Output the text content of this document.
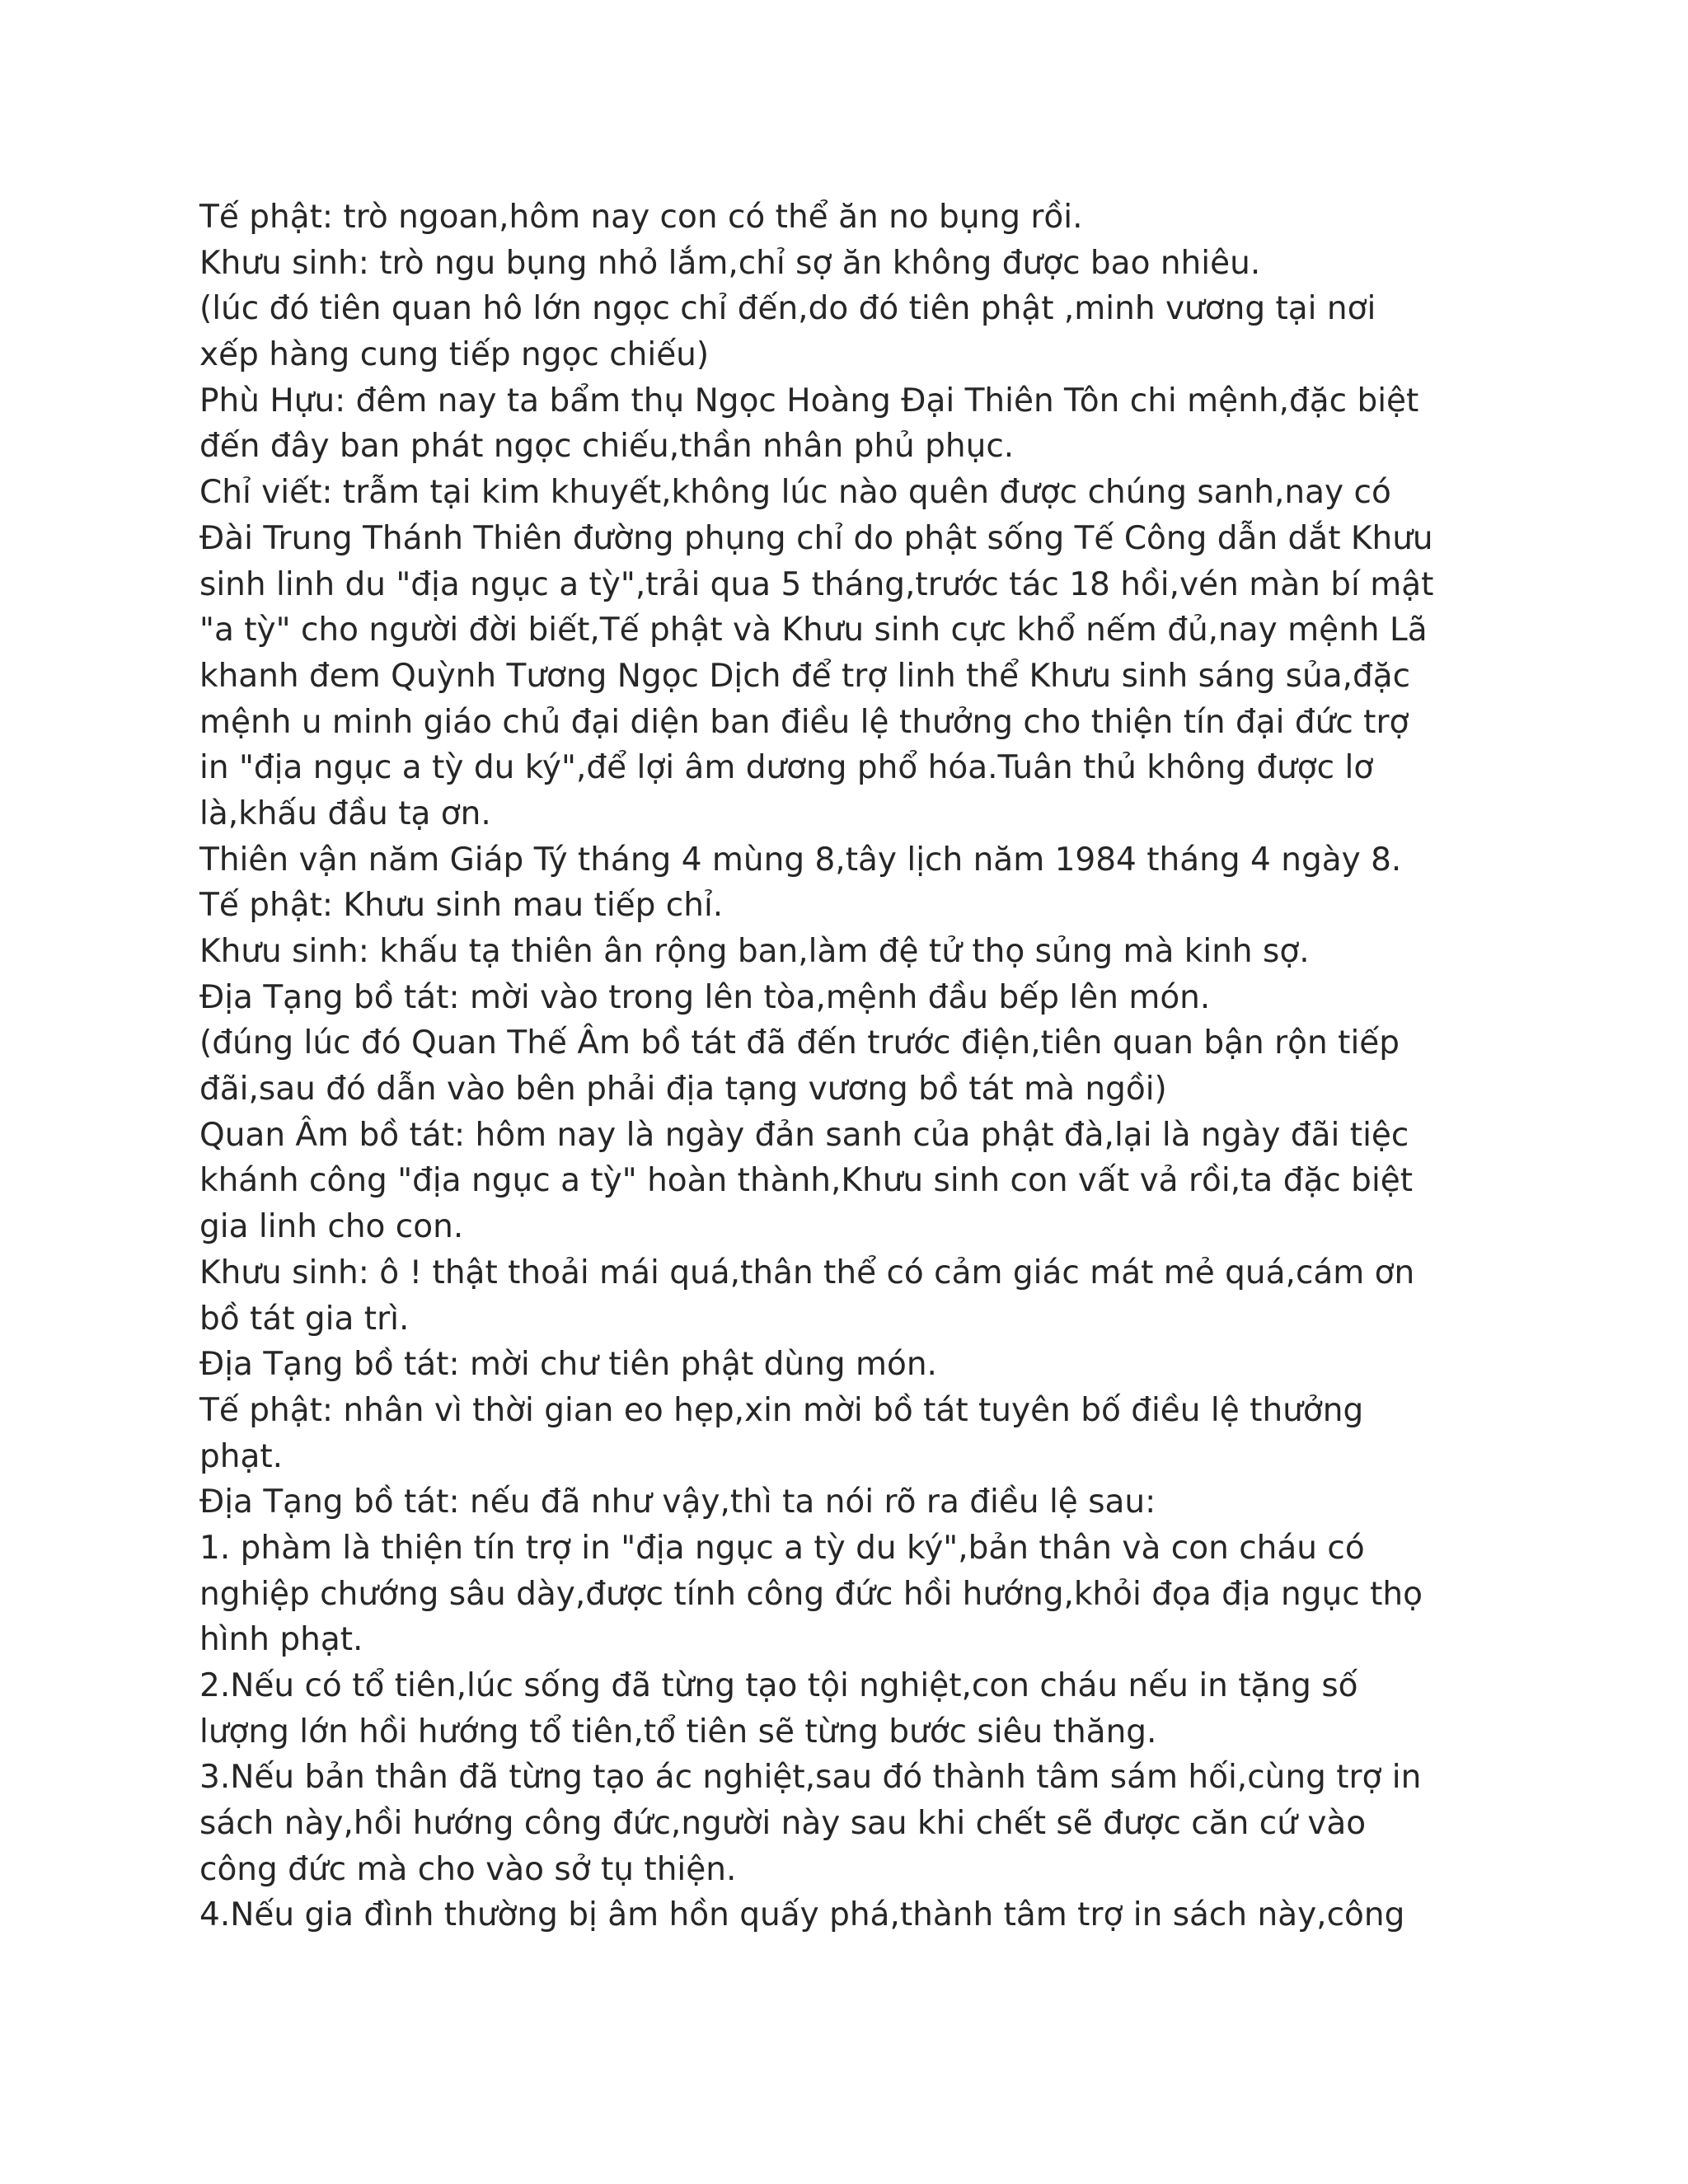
Tế phật: trò ngoan,hôm nay con có thể ăn no bụng rồi.
Khưu sinh: trò ngu bụng nhỏ lắm,chỉ sợ ăn không được bao nhiêu.
(lúc đó tiên quan hô lớn ngọc chỉ đến,do đó tiên phật ,minh vương tại nơi
xếp hàng cung tiếp ngọc chiếu)
Phù Hựu: đêm nay ta bẩm thụ Ngọc Hoàng Đại Thiên Tôn chi mệnh,đặc biệt
đến đây ban phát ngọc chiếu,thần nhân phủ phục.
Chỉ viết: trẫm tại kim khuyết,không lúc nào quên được chúng sanh,nay có
Đài Trung Thánh Thiên đường phụng chỉ do phật sống Tế Công dẫn dắt Khưu
sinh linh du "địa ngục a tỳ",trải qua 5 tháng,trước tác 18 hồi,vén màn bí mật
"a tỳ" cho người đời biết,Tế phật và Khưu sinh cực khổ nếm đủ,nay mệnh Lã
khanh đem Quỳnh Tương Ngọc Dịch để trợ linh thể Khưu sinh sáng sủa,đặc
mệnh u minh giáo chủ đại diện ban điều lệ thưởng cho thiện tín đại đức trợ
in "địa ngục a tỳ du ký",để lợi âm dương phổ hóa.Tuân thủ không được lơ
là,khấu đầu tạ ơn.
Thiên vận năm Giáp Tý tháng 4 mùng 8,tây lịch năm 1984 tháng 4 ngày 8.
Tế phật: Khưu sinh mau tiếp chỉ.
Khưu sinh: khấu tạ thiên ân rộng ban,làm đệ tử thọ sủng mà kinh sợ.
Địa Tạng bồ tát: mời vào trong lên tòa,mệnh đầu bếp lên món.
(đúng lúc đó Quan Thế Âm bồ tát đã đến trước điện,tiên quan bận rộn tiếp
đãi,sau đó dẫn vào bên phải địa tạng vương bồ tát mà ngồi)
Quan Âm bồ tát: hôm nay là ngày đản sanh của phật đà,lại là ngày đãi tiệc
khánh công "địa ngục a tỳ" hoàn thành,Khưu sinh con vất vả rồi,ta đặc biệt
gia linh cho con.
Khưu sinh: ô ! thật thoải mái quá,thân thể có cảm giác mát mẻ quá,cám ơn
bồ tát gia trì.
Địa Tạng bồ tát: mời chư tiên phật dùng món.
Tế phật: nhân vì thời gian eo hẹp,xin mời bồ tát tuyên bố điều lệ thưởng
phạt.
Địa Tạng bồ tát: nếu đã như vậy,thì ta nói rõ ra điều lệ sau:
1. phàm là thiện tín trợ in "địa ngục a tỳ du ký",bản thân và con cháu có
nghiệp chướng sâu dày,được tính công đức hồi hướng,khỏi đọa địa ngục thọ
hình phạt.
2.Nếu có tổ tiên,lúc sống đã từng tạo tội nghiệt,con cháu nếu in tặng số
lượng lớn hồi hướng tổ tiên,tổ tiên sẽ từng bước siêu thăng.
3.Nếu bản thân đã từng tạo ác nghiệt,sau đó thành tâm sám hối,cùng trợ in
sách này,hồi hướng công đức,người này sau khi chết sẽ được căn cứ vào
công đức mà cho vào sở tụ thiện.
4.Nếu gia đình thường bị âm hồn quấy phá,thành tâm trợ in sách này,công
